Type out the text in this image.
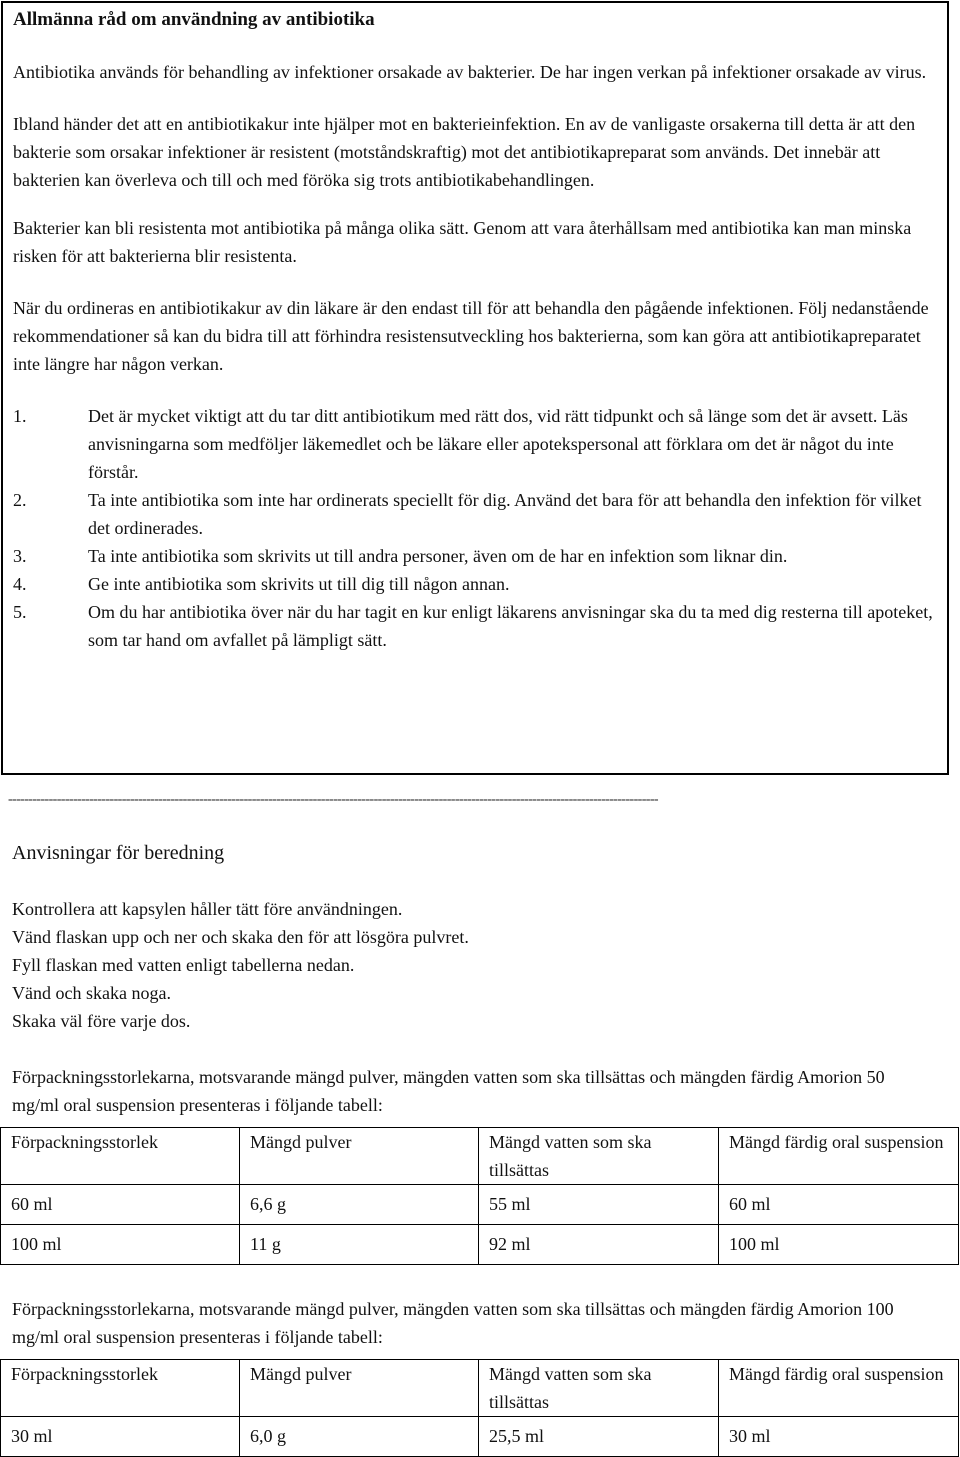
Allmänna råd om användning av antibiotika

Antibiotika används för behandling av infektioner orsakade av bakterier. De har ingen verkan på infektioner orsakade av virus.

Ibland händer det att en antibiotikakur inte hjälper mot en bakterieinfektion. En av de vanligaste orsakerna till detta är att den bakterie som orsakar infektioner är resistent (motståndskraftig) mot det antibiotikapreparat som används. Det innebär att bakterien kan överleva och till och med föröka sig trots antibiotikabehandlingen.

Bakterier kan bli resistenta mot antibiotika på många olika sätt. Genom att vara återhållsam med antibiotika kan man minska risken för att bakterierna blir resistenta.

När du ordineras en antibiotikakur av din läkare är den endast till för att behandla den pågående infektionen. Följ nedanstående rekommendationer så kan du bidra till att förhindra resistensutveckling hos bakterierna, som kan göra att antibiotikapreparatet inte längre har någon verkan.

1.	Det är mycket viktigt att du tar ditt antibiotikum med rätt dos, vid rätt tidpunkt och så länge som det är avsett. Läs anvisningarna som medföljer läkemedlet och be läkare eller apotekspersonal att förklara om det är något du inte förstår.
2.	Ta inte antibiotika som inte har ordinerats speciellt för dig. Använd det bara för att behandla den infektion för vilket det ordinerades.
3.	Ta inte antibiotika som skrivits ut till andra personer, även om de har en infektion som liknar din.
4.	Ge inte antibiotika som skrivits ut till dig till någon annan.
5.	Om du har antibiotika över när du har tagit en kur enligt läkarens anvisningar ska du ta med dig resterna till apoteket, som tar hand om avfallet på lämpligt sätt.
----------------------------------------------------------------------------------------------------------------------------------------------------------------
Anvisningar för beredning
Kontrollera att kapsylen håller tätt före användningen.
Vänd flaskan upp och ner och skaka den för att lösgöra pulvret.
Fyll flaskan med vatten enligt tabellerna nedan.
Vänd och skaka noga.
Skaka väl före varje dos.

Förpackningsstorlekarna, motsvarande mängd pulver, mängden vatten som ska tillsättas och mängden färdig Amorion 50 mg/ml oral suspension presenteras i följande tabell:

Förpackningsstorlek	Mängd pulver	Mängd vatten som ska tillsättas	Mängd färdig oral suspension
60 ml	6,6 g	55 ml	60 ml
100 ml	11 g	92 ml	100 ml

Förpackningsstorlekarna, motsvarande mängd pulver, mängden vatten som ska tillsättas och mängden färdig Amorion 100 mg/ml oral suspension presenteras i följande tabell:

Förpackningsstorlek	Mängd pulver	Mängd vatten som ska tillsättas	Mängd färdig oral suspension
30 ml	6,0 g	25,5 ml	30 ml
